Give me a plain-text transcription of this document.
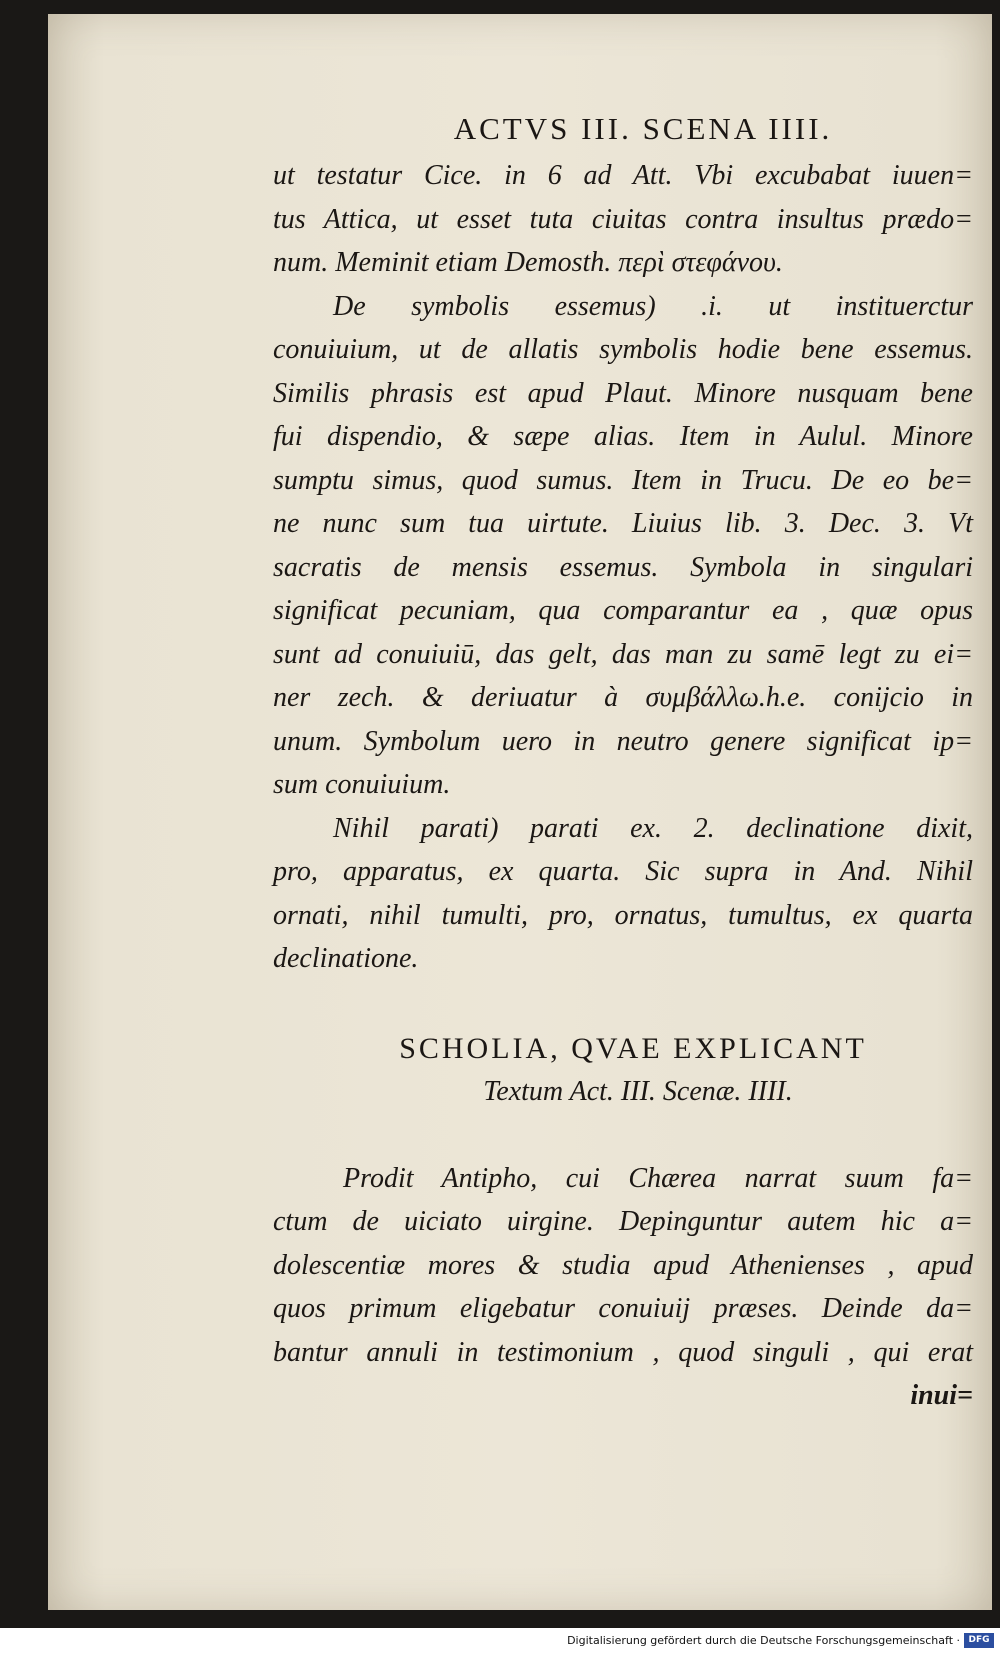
ACTVS III. SCENA IIII.
ut testatur Cice. in 6 ad Att. Vbi excubabat iuuen=
tus Attica, ut esset tuta ciuitas contra insultus prædo=
num. Meminit etiam Demosth. περὶ στεφάνου.
De symbolis essemus) .i. ut instituerctur
conuiuium, ut de allatis symbolis hodie bene essemus.
Similis phrasis est apud Plaut. Minore nusquam bene
fui dispendio, & sæpe alias. Item in Aulul. Minore
sumptu simus, quod sumus. Item in Trucu. De eo be=
ne nunc sum tua uirtute. Liuius lib. 3. Dec. 3. Vt
sacratis de mensis essemus. Symbola in singulari
significat pecuniam, qua comparantur ea , quæ opus
sunt ad conuiuiū, das gelt, das man zu samē legt zu ei=
ner zech. & deriuatur à συμβάλλω.h.e. conijcio in
unum. Symbolum uero in neutro genere significat ip=
sum conuiuium.
Nihil parati) parati ex. 2. declinatione dixit,
pro, apparatus, ex quarta. Sic supra in And. Nihil
ornati, nihil tumulti, pro, ornatus, tumultus, ex quarta
declinatione.
SCHOLIA, QVAE EXPLICANT
Textum Act. III. Scenæ. IIII.
Prodit Antipho, cui Chærea narrat suum fa=
ctum de uiciato uirgine. Depinguntur autem hic a=
dolescentiæ mores & studia apud Athenienses , apud
quos primum eligebatur conuiuij præses. Deinde da=
bantur annuli in testimonium , quod singuli , qui erat
inui=
Digitalisierung gefördert durch die Deutsche Forschungsgemeinschaft · DFG
